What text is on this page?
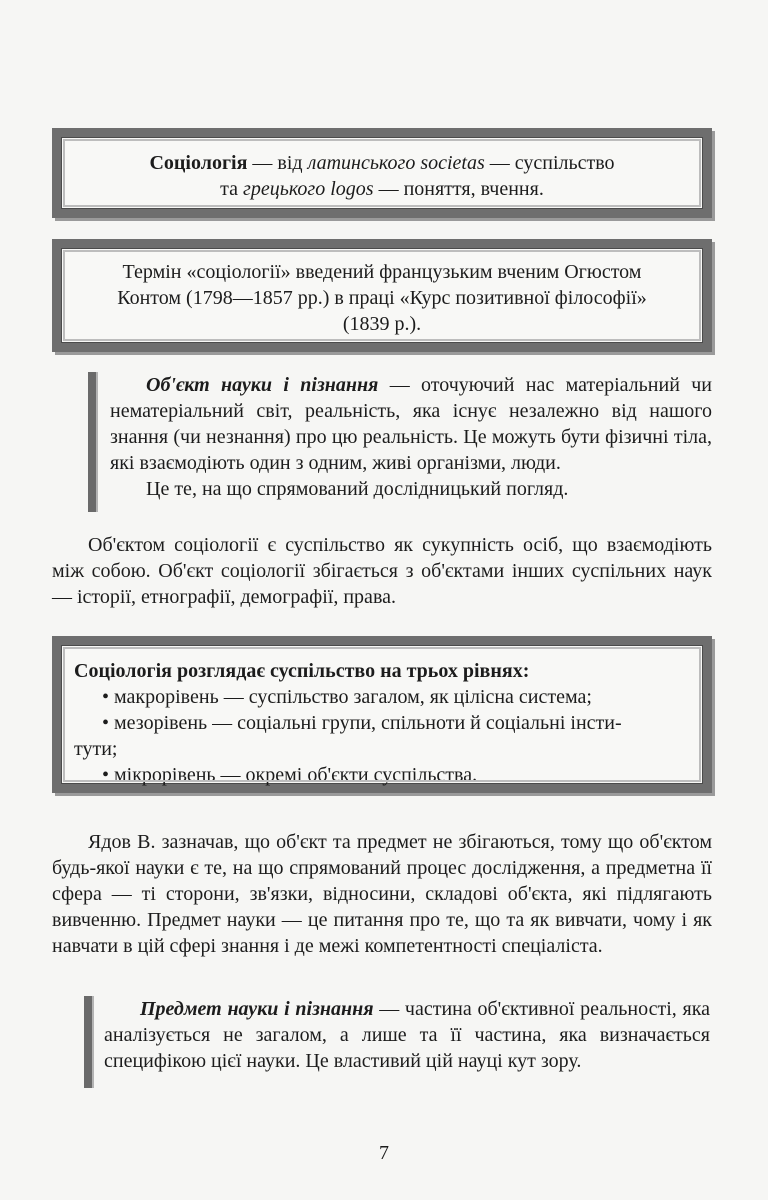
Соціологія — від латинського societas — суспільство
та грецького logos — поняття, вчення.
Термін «соціології» введений французьким вченим Огюстом
Контом (1798—1857 рр.) в праці «Курс позитивної філософії»
(1839 р.).
Об'єкт науки і пізнання — оточуючий нас матеріальний чи нематеріальний світ, реальність, яка існує незалежно від нашого знання (чи незнання) про цю реальність. Це можуть бути фізичні тіла, які взаємодіють один з одним, живі організми, люди.
Це те, на що спрямований дослідницький погляд.
Об'єктом соціології є суспільство як сукупність осіб, що взаємодіють між собою. Об'єкт соціології збігається з об'єктами інших суспільних наук — історії, етнографії, демографії, права.
Соціологія розглядає суспільство на трьох рівнях:
• макрорівень — суспільство загалом, як цілісна система;
• мезорівень — соціальні групи, спільноти й соціальні інсти-
тути;
• мікрорівень — окремі об'єкти суспільства.
Ядов В. зазначав, що об'єкт та предмет не збігаються, тому що об'єктом будь-якої науки є те, на що спрямований процес дослідження, а предметна її сфера — ті сторони, зв'язки, відносини, складові об'єкта, які підлягають вивченню. Предмет науки — це питання про те, що та як вивчати, чому і як навчати в цій сфері знання і де межі компетентності спеціаліста.
Предмет науки і пізнання — частина об'єктивної реальності, яка аналізується не загалом, а лише та її частина, яка визначається специфікою цієї науки. Це властивий цій науці кут зору.
7
